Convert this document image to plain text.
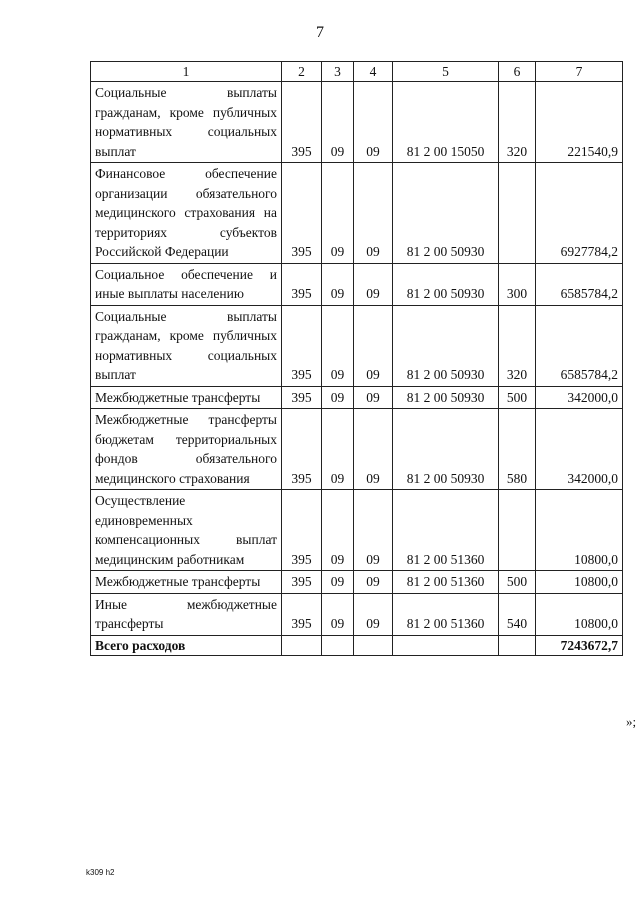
7
1	2	3	4	5	6	7
Социальные выплаты гражданам, кроме публичных нормативных социальных выплат	395	09	09	81 2 00 15050	320	221540,9
Финансовое обеспечение организации обязательного медицинского страхования на территориях субъектов Российской Федерации	395	09	09	81 2 00 50930		6927784,2
Социальное обеспечение и иные выплаты населению	395	09	09	81 2 00 50930	300	6585784,2
Социальные выплаты гражданам, кроме публичных нормативных социальных выплат	395	09	09	81 2 00 50930	320	6585784,2
Межбюджетные трансферты	395	09	09	81 2 00 50930	500	342000,0
Межбюджетные трансферты бюджетам территориальных фондов обязательного медицинского страхования	395	09	09	81 2 00 50930	580	342000,0
Осуществление единовременных компенсационных выплат медицинским работникам	395	09	09	81 2 00 51360		10800,0
Межбюджетные трансферты	395	09	09	81 2 00 51360	500	10800,0
Иные межбюджетные трансферты	395	09	09	81 2 00 51360	540	10800,0
Всего расходов						7243672,7
»;
k309 h2
